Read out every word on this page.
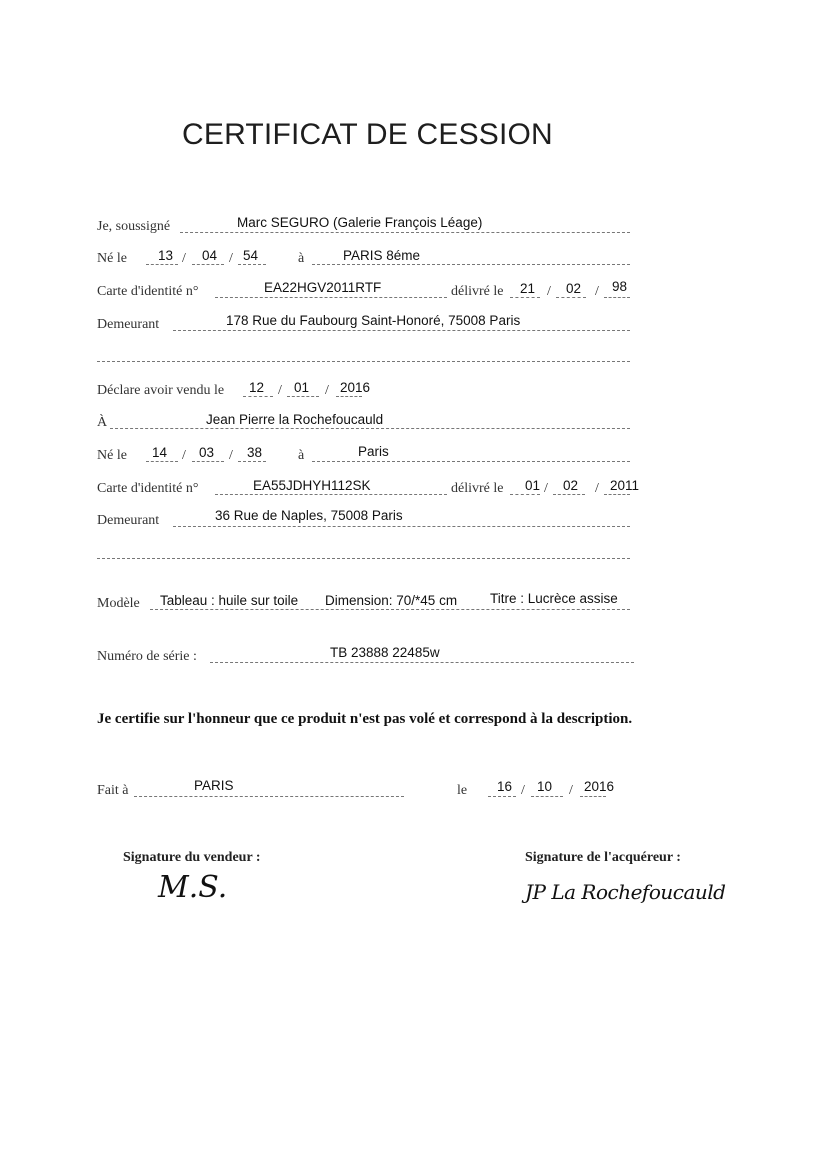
CERTIFICAT DE CESSION
Je, soussigné	Marc SEGURO (Galerie François Léage)
Né le 13 / 04 / 54	à	PARIS 8éme
Carte d'identité n°	EA22HGV2011RTF	délivré le 21 / 02 / 98
Demeurant	178 Rue du Faubourg Saint-Honoré, 75008 Paris
Déclare avoir vendu le 12 / 01 / 2016
À	Jean Pierre la Rochefoucauld
Né le 14 / 03 / 38	à	Paris
Carte d'identité n°	EA55JDHYH112SK	délivré le 01 / 02 / 2011
Demeurant	36 Rue de Naples, 75008 Paris
Modèle Tableau : huile sur toile Dimension: 70/*45 cm Titre : Lucrèce assise
Numéro de série :	TB 23888 22485w
Je certifie sur l'honneur que ce produit n'est pas volé et correspond à la description.
Fait à	PARIS	le 16 / 10 / 2016
Signature du vendeur :
M.S.
Signature de l'acquéreur :
JP La Rochefoucauld
